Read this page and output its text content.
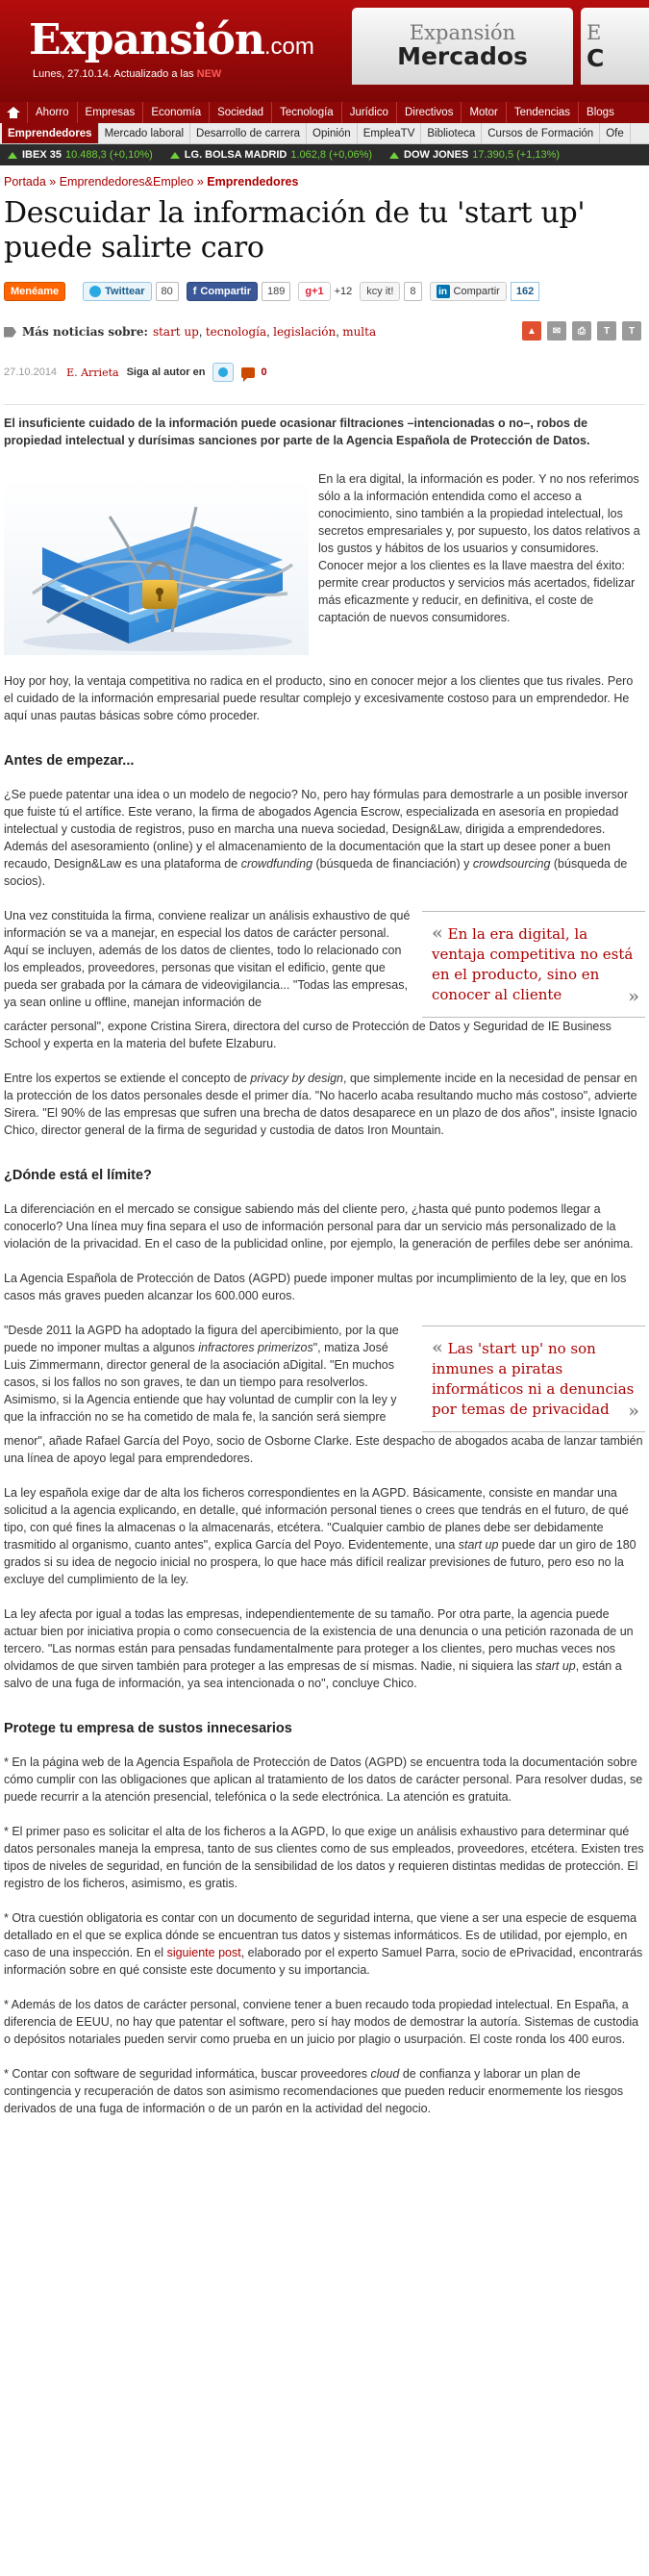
Expansión.com
Lunes, 27.10.14. Actualizado a las NEW
Expansión
Mercados
E
C
Ahorro	Empresas	Economía	Sociedad	Tecnología	Jurídico	Directivos	Motor	Tendencias	Blogs
Emprendedores	Mercado laboral	Desarrollo de carrera	Opinión	EmpleaTV	Biblioteca	Cursos de Formación	Ofe
IBEX 35 10.488,3 (+0,10%)	LG. BOLSA MADRID 1.062,8 (+0,06%)	DOW JONES 17.390,5 (+1,13%)
Portada » Emprendedores&Empleo » Emprendedores
Descuidar la información de tu 'start up' puede salirte caro
Menéame	Twittear	80	f Compartir	189	g+1	+12	kcy it!	8	in Compartir	162
Más noticias sobre: start up, tecnología, legislación, multa	▲	✉	⎙	T	T
27.10.2014 E. Arrieta Siga al autor en	0

El insuficiente cuidado de la información puede ocasionar filtraciones –intencionadas o no–, robos de propiedad intelectual y durísimas sanciones por parte de la Agencia Española de Protección de Datos.

En la era digital, la información es poder. Y no nos referimos sólo a la información entendida como el acceso a conocimiento, sino también a la propiedad intelectual, los secretos empresariales y, por supuesto, los datos relativos a los gustos y hábitos de los usuarios y consumidores. Conocer mejor a los clientes es la llave maestra del éxito: permite crear productos y servicios más acertados, fidelizar más eficazmente y reducir, en definitiva, el coste de captación de nuevos consumidores.

Hoy por hoy, la ventaja competitiva no radica en el producto, sino en conocer mejor a los clientes que tus rivales. Pero el cuidado de la información empresarial puede resultar complejo y excesivamente costoso para un emprendedor. He aquí unas pautas básicas sobre cómo proceder.

Antes de empezar...

¿Se puede patentar una idea o un modelo de negocio? No, pero hay fórmulas para demostrarle a un posible inversor que fuiste tú el artífice. Este verano, la firma de abogados Agencia Escrow, especializada en asesoría en propiedad intelectual y custodia de registros, puso en marcha una nueva sociedad, Design&Law, dirigida a emprendedores. Además del asesoramiento (online) y el almacenamiento de la documentación que la start up desee poner a buen recaudo, Design&Law es una plataforma de crowdfunding (búsqueda de financiación) y crowdsourcing (búsqueda de socios).

Una vez constituida la firma, conviene realizar un análisis exhaustivo de qué información se va a manejar, en especial los datos de carácter personal. Aquí se incluyen, además de los datos de clientes, todo lo relacionado con los empleados, proveedores, personas que visitan el edificio, gente que pueda ser grabada por la cámara de videovigilancia... "Todas las empresas, ya sean online u offline, manejan información de

« En la era digital, la ventaja competitiva no está en el producto, sino en conocer al cliente	»

carácter personal", expone Cristina Sirera, directora del curso de Protección de Datos y Seguridad de IE Business School y experta en la materia del bufete Elzaburu.

Entre los expertos se extiende el concepto de privacy by design, que simplemente incide en la necesidad de pensar en la protección de los datos personales desde el primer día. "No hacerlo acaba resultando mucho más costoso", advierte Sirera. "El 90% de las empresas que sufren una brecha de datos desaparece en un plazo de dos años", insiste Ignacio Chico, director general de la firma de seguridad y custodia de datos Iron Mountain.

¿Dónde está el límite?

La diferenciación en el mercado se consigue sabiendo más del cliente pero, ¿hasta qué punto podemos llegar a conocerlo? Una línea muy fina separa el uso de información personal para dar un servicio más personalizado de la violación de la privacidad. En el caso de la publicidad online, por ejemplo, la generación de perfiles debe ser anónima.

La Agencia Española de Protección de Datos (AGPD) puede imponer multas por incumplimiento de la ley, que en los casos más graves pueden alcanzar los 600.000 euros.

"Desde 2011 la AGPD ha adoptado la figura del apercibimiento, por la que puede no imponer multas a algunos infractores primerizos", matiza José Luis Zimmermann, director general de la asociación aDigital. "En muchos casos, si los fallos no son graves, te dan un tiempo para resolverlos. Asimismo, si la Agencia entiende que hay voluntad de cumplir con la ley y que la infracción no se ha cometido de mala fe, la sanción será siempre

« Las 'start up' no son inmunes a piratas informáticos ni a denuncias por temas de privacidad »

menor", añade Rafael García del Poyo, socio de Osborne Clarke. Este despacho de abogados acaba de lanzar también una línea de apoyo legal para emprendedores.

La ley española exige dar de alta los ficheros correspondientes en la AGPD. Básicamente, consiste en mandar una solicitud a la agencia explicando, en detalle, qué información personal tienes o crees que tendrás en el futuro, de qué tipo, con qué fines la almacenas o la almacenarás, etcétera. "Cualquier cambio de planes debe ser debidamente trasmitido al organismo, cuanto antes", explica García del Poyo. Evidentemente, una start up puede dar un giro de 180 grados si su idea de negocio inicial no prospera, lo que hace más difícil realizar previsiones de futuro, pero eso no la excluye del cumplimiento de la ley.

La ley afecta por igual a todas las empresas, independientemente de su tamaño. Por otra parte, la agencia puede actuar bien por iniciativa propia o como consecuencia de la existencia de una denuncia o una petición razonada de un tercero. "Las normas están para pensadas fundamentalmente para proteger a los clientes, pero muchas veces nos olvidamos de que sirven también para proteger a las empresas de sí mismas. Nadie, ni siquiera las start up, están a salvo de una fuga de información, ya sea intencionada o no", concluye Chico.

Protege tu empresa de sustos innecesarios

* En la página web de la Agencia Española de Protección de Datos (AGPD) se encuentra toda la documentación sobre cómo cumplir con las obligaciones que aplican al tratamiento de los datos de carácter personal. Para resolver dudas, se puede recurrir a la atención presencial, telefónica o la sede electrónica. La atención es gratuita.

* El primer paso es solicitar el alta de los ficheros a la AGPD, lo que exige un análisis exhaustivo para determinar qué datos personales maneja la empresa, tanto de sus clientes como de sus empleados, proveedores, etcétera. Existen tres tipos de niveles de seguridad, en función de la sensibilidad de los datos y requieren distintas medidas de protección. El registro de los ficheros, asimismo, es gratis.

* Otra cuestión obligatoria es contar con un documento de seguridad interna, que viene a ser una especie de esquema detallado en el que se explica dónde se encuentran tus datos y sistemas informáticos. Es de utilidad, por ejemplo, en caso de una inspección. En el siguiente post, elaborado por el experto Samuel Parra, socio de ePrivacidad, encontrarás información sobre en qué consiste este documento y su importancia.

* Además de los datos de carácter personal, conviene tener a buen recaudo toda propiedad intelectual. En España, a diferencia de EEUU, no hay que patentar el software, pero sí hay modos de demostrar la autoría. Sistemas de custodia o depósitos notariales pueden servir como prueba en un juicio por plagio o usurpación. El coste ronda los 400 euros.

* Contar con software de seguridad informática, buscar proveedores cloud de confianza y laborar un plan de contingencia y recuperación de datos son asimismo recomendaciones que pueden reducir enormemente los riesgos derivados de una fuga de información o de un parón en la actividad del negocio.
